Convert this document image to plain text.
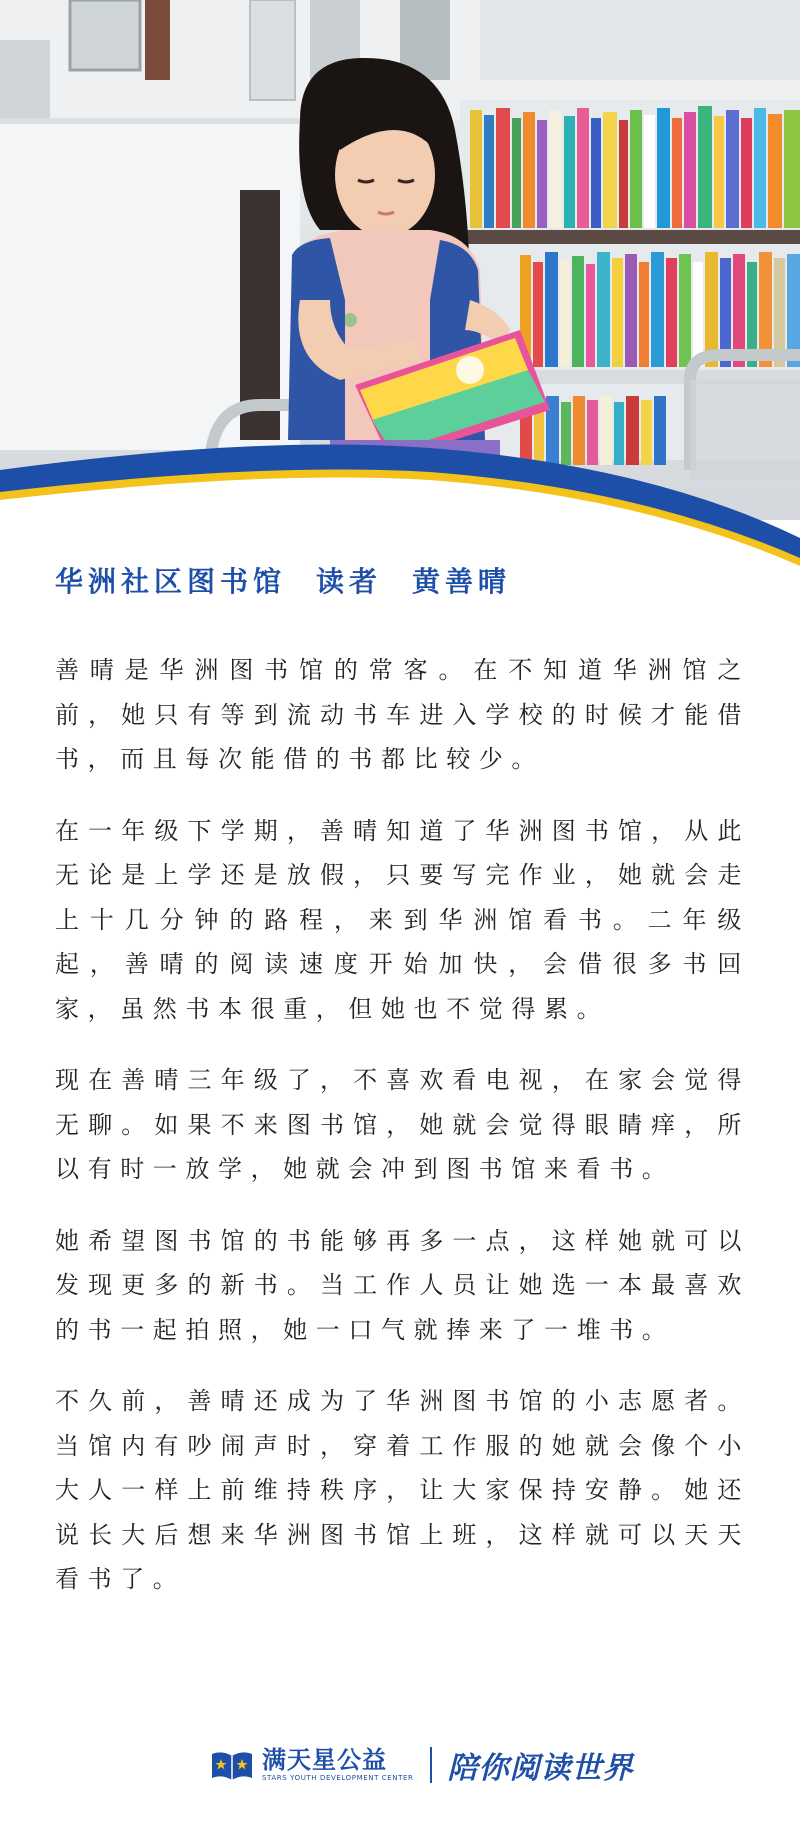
华洲社区图书馆 读者 黄善晴

善晴是华洲图书馆的常客。在不知道华洲馆之前，她只有等到流动书车进入学校的时候才能借书，而且每次能借的书都比较少。

在一年级下学期，善晴知道了华洲图书馆，从此无论是上学还是放假，只要写完作业，她就会走上十几分钟的路程，来到华洲馆看书。二年级起，善晴的阅读速度开始加快，会借很多书回家，虽然书本很重，但她也不觉得累。

现在善晴三年级了，不喜欢看电视，在家会觉得无聊。如果不来图书馆，她就会觉得眼睛痒，所以有时一放学，她就会冲到图书馆来看书。

她希望图书馆的书能够再多一点，这样她就可以发现更多的新书。当工作人员让她选一本最喜欢的书一起拍照，她一口气就捧来了一堆书。

不久前，善晴还成为了华洲图书馆的小志愿者。当馆内有吵闹声时，穿着工作服的她就会像个小大人一样上前维持秩序，让大家保持安静。她还说长大后想来华洲图书馆上班，这样就可以天天看书了。

满天星公益
STARS YOUTH DEVELOPMENT CENTER 陪你阅读世界
